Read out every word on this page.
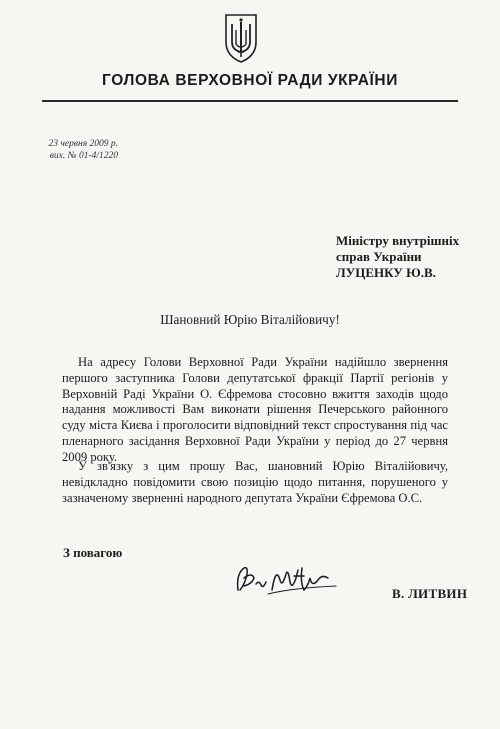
ГОЛОВА ВЕРХОВНОЇ РАДИ УКРАЇНИ
23 червня 2009 р.
вих. № 01-4/1220
Міністру внутрішніх
справ України
ЛУЦЕНКУ Ю.В.
Шановний Юрію Віталійовичу!
На адресу Голови Верховної Ради України надійшло звернення першого заступника Голови депутатської фракції Партії регіонів у Верховній Раді України О. Єфремова стосовно вжиття заходів щодо надання можливості Вам виконати рішення Печерського районного суду міста Києва і проголосити відповідний текст спростування під час пленарного засідання Верховної Ради України у період до 27 червня 2009 року.
У зв'язку з цим прошу Вас, шановний Юрію Віталійовичу, невідкладно повідомити свою позицію щодо питання, порушеного у зазначеному зверненні народного депутата України Єфремова О.С.
З повагою
В. ЛИТВИН
